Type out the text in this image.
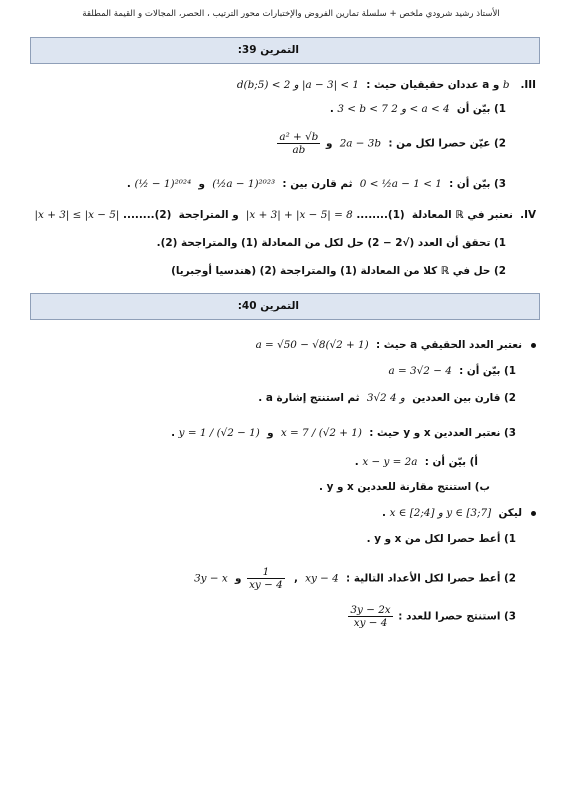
الأستاذ رشيد شرودي ملخص + سلسلة تمارين الفروض والإختبارات محور الترتيب ، الحصر، المجالات و القيمة المطلقة
التمرين 39:
III.   b و a عددان حقيقيان حيث :  d(b;5) < 2 و |a − 3| < 1
1) بيّن أن  3 < b < 7 و 2 < a < 4 .
2) عيّن حصرا لكل من :  2a − 3b  و
$\frac{\text{a² + √b}}{ab}$
3) بيّن أن :  0 < ½a − 1 < 1  ثم قارن بين :  (½a − 1)²⁰²³  و  (½ − 1)²⁰²⁴ .
IV.  نعتبر في ℝ المعادلة  (1)........ |x + 3| + |x − 5| = 8  و المتراجحة  (2)........ |x + 3| ≤ |x − 5|
1) تحقق أن العدد (√2 − 2) حل لكل من المعادلة (1) والمتراجحة (2).
2) حل في ℝ كلا من المعادلة (1) والمتراجحة (2) (هندسيا أوجبريا)
التمرين 40:
نعتبر العدد الحقيقي a حيث :  a = √50 − √8(√2 + 1)
1) بيّن أن :  a = 3√2 − 4
2) قارن بين العددين  3√2 و 4  ثم استنتج إشارة a .
3) نعتبر العددين x و y حيث :  x = 7 / (√2 + 1)  و  y = 1 / (√2 − 1) .
أ) بيّن أن :  x − y = 2a .
ب) استنتج مقارنة للعددين x و y .
ليكن  x ∈ [2;4] و y ∈ [3;7] .
1) أعط حصرا لكل من x و y .
2) أعط حصرا لكل الأعداد التالية :  xy − 4  ,
$\frac{1}{xy - 4}$
و  3y − x
3) استنتج حصرا للعدد :
$\frac{3y - 2x}{xy - 4}$
